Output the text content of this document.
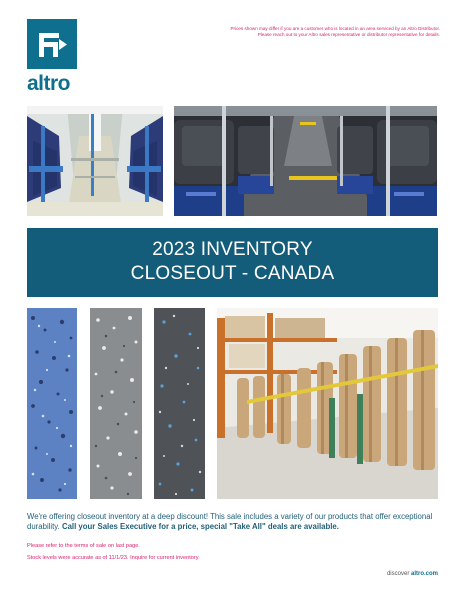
altro
Prices shown may differ if you are a customer who is located in an area serviced by an Altro Distributor.
Please reach out to your Altro sales representative or distributor representative for details.
2023 INVENTORY
CLOSEOUT - CANADA
We're offering closeout inventory at a deep discount! This sale includes a variety of our products that offer exceptional durability. Call your Sales Executive for a price, special "Take All" deals are available.
Please refer to the terms of sale on last page.
Stock levels were accurate as of 11/1/23. Inquire for current inventory.
discover altro.com
